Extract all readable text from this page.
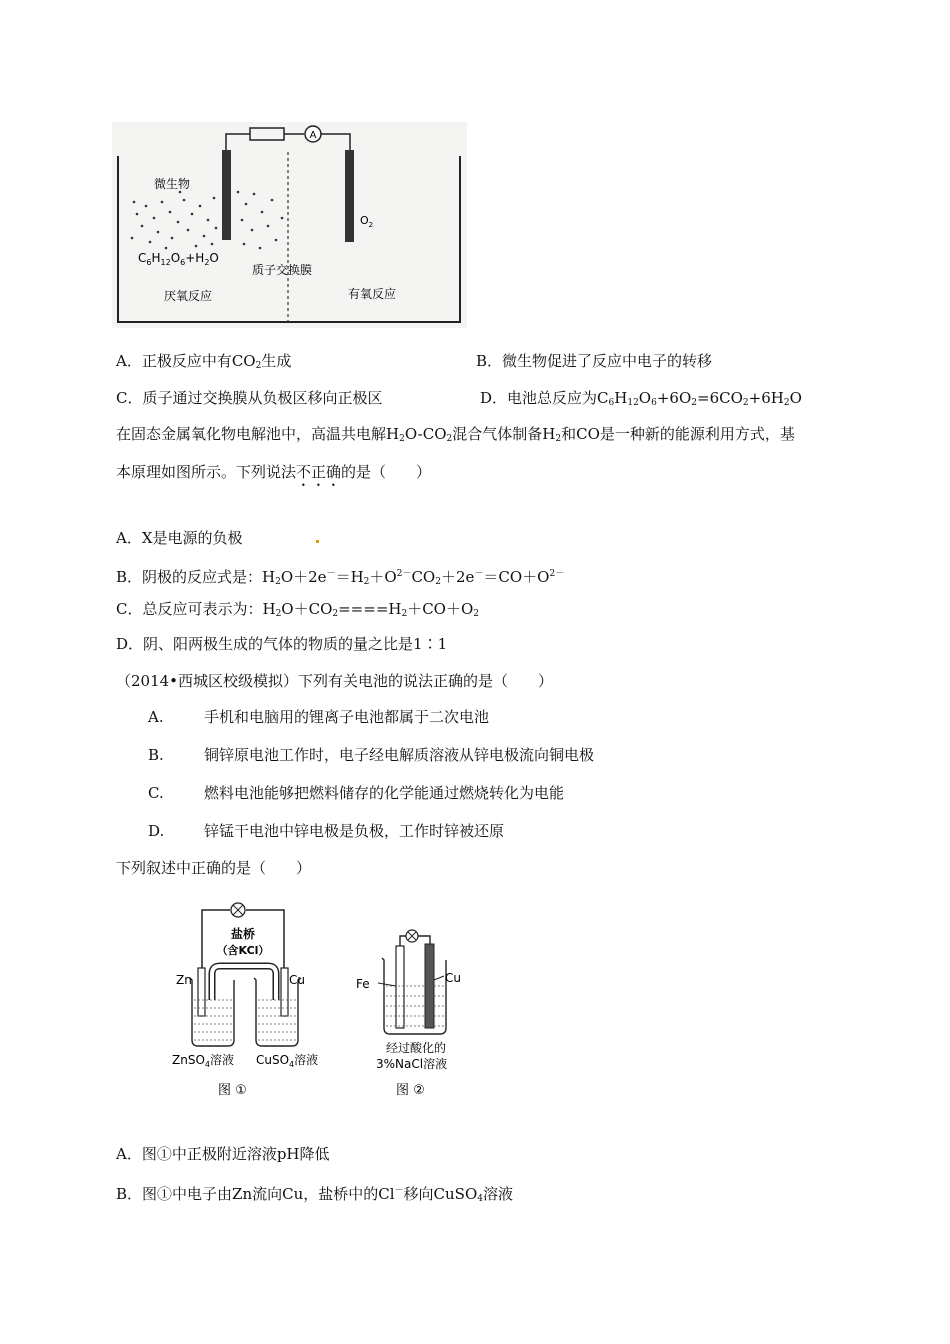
A
微生物
$C_6H_{12}O_6+H_2O$
$O_2$
质子交换膜
厌氧反应	有氧反应
A．正极反应中有$CO_2$生成	B．微生物促进了反应中电子的转移
C．质子通过交换膜从负极区移向正极区	D．电池总反应为$C_6H_{12}O_6+6O_2=6CO_2+6H_2O$
在固态金属氧化物电解池中，高温共电解$H_2O-CO_2$混合气体制备$H_2$和CO是一种新的能源利用方式，基
本原理如图所示。下列说法不正确的是（　　）
A．X是电源的负极
B．阴极的反应式是：$H_2O+2e^-=H_2+O^{2-}CO_2+2e^-=CO+O^{2-}$
C．总反应可表示为：$H_2O+CO_2====H_2+CO+O_2$
D．阴、阳两极生成的气体的物质的量之比是1∶1
（2014•西城区校级模拟）下列有关电池的说法正确的是（　　）
A.	手机和电脑用的锂离子电池都属于二次电池
B.	铜锌原电池工作时，电子经电解质溶液从锌电极流向铜电极
C.	燃料电池能够把燃料储存的化学能通过燃烧转化为电能
D.	锌锰干电池中锌电极是负极，工作时锌被还原
下列叙述中正确的是（　　）
盐桥
（含KCl）
Zn	Cu
ZnSO$_4$溶液 CuSO$_4$溶液
图 ①
Fe	Cu
经过酸化的
3%NaCl溶液
图 ②
A．图①中正极附近溶液pH降低
B．图①中电子由Zn流向Cu，盐桥中的Cl－移向CuSO$_4$溶液
